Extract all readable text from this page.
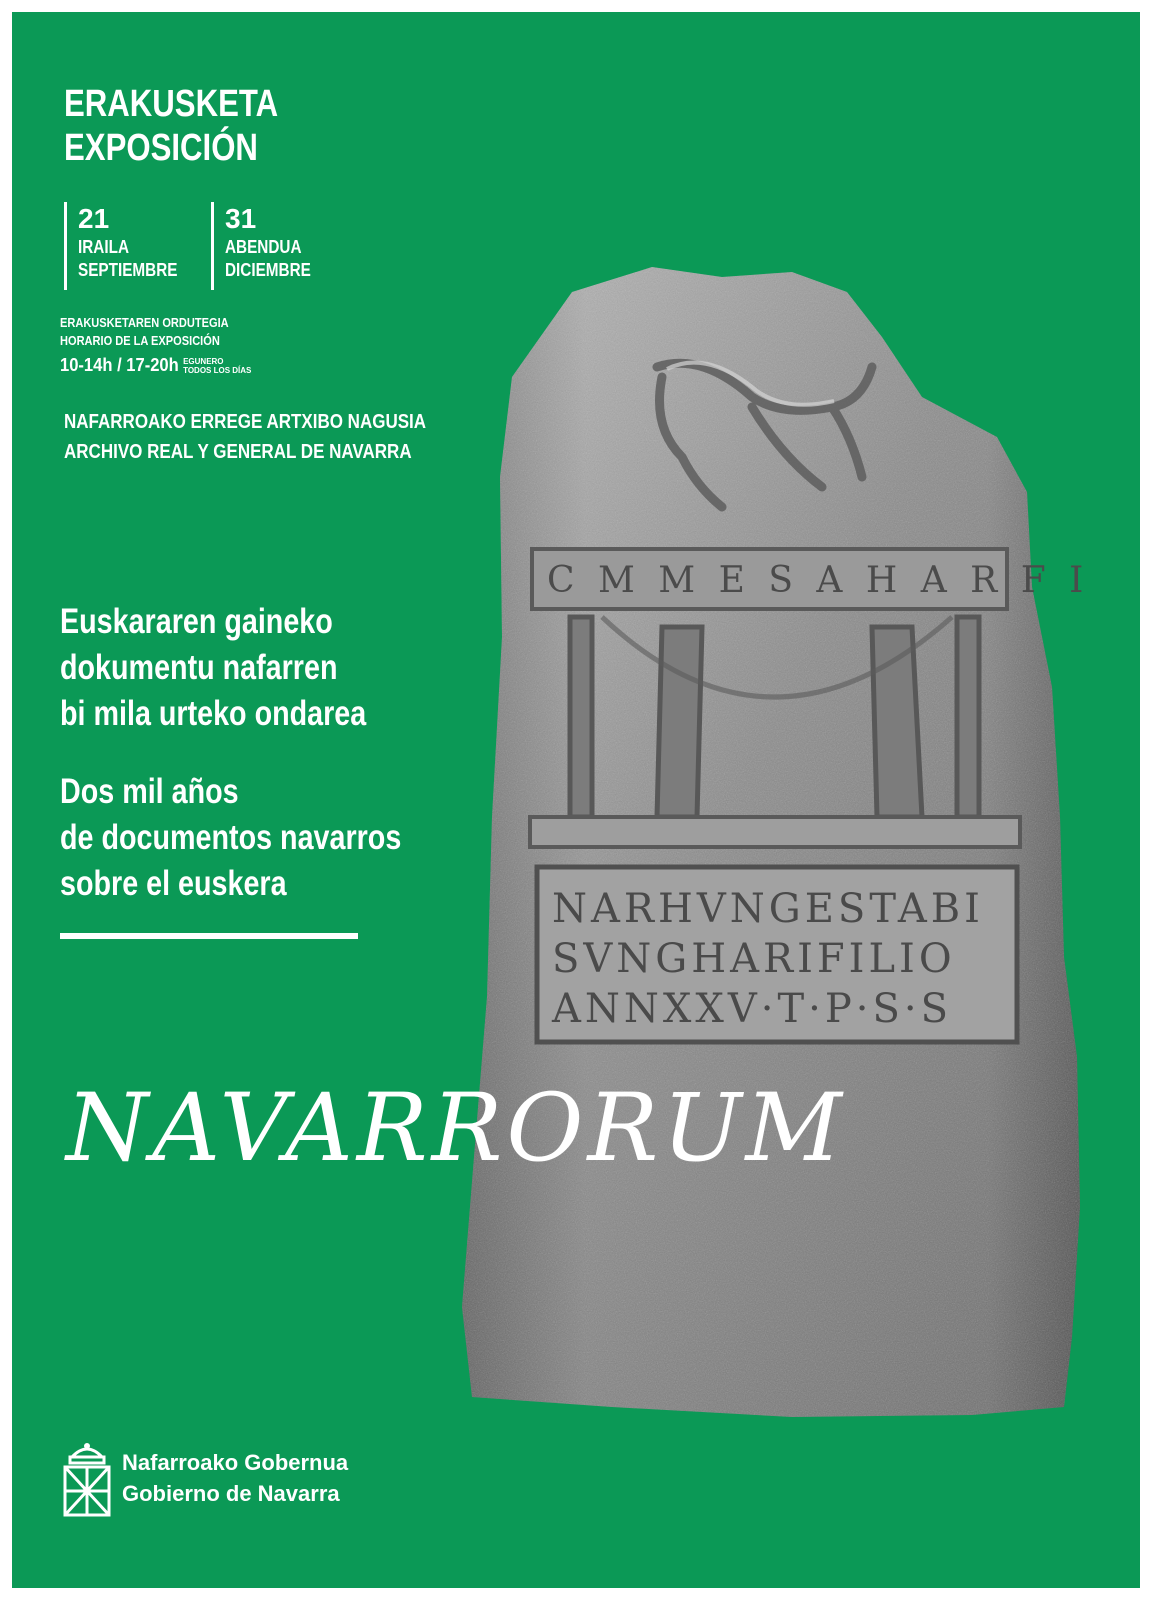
ERAKUSKETA
EXPOSICIÓN
21
IRAILA
SEPTIEMBRE
31
ABENDUA
DICIEMBRE
ERAKUSKETAREN ORDUTEGIA
HORARIO DE LA EXPOSICIÓN
10-14h / 17-20h EGUNERO
TODOS LOS DÍAS
NAFARROAKO ERREGE ARTXIBO NAGUSIA
ARCHIVO REAL Y GENERAL DE NAVARRA
Euskararen gaineko
dokumentu nafarren
bi mila urteko ondarea
Dos mil años
de documentos navarros
sobre el euskera
C M M E S A H A R F I
NARHVNGESTABI
SVNGHARIFILIO
ANNXXV·T·P·S·S
NAVARRORUM
Nafarroako Gobernua
Gobierno de Navarra
